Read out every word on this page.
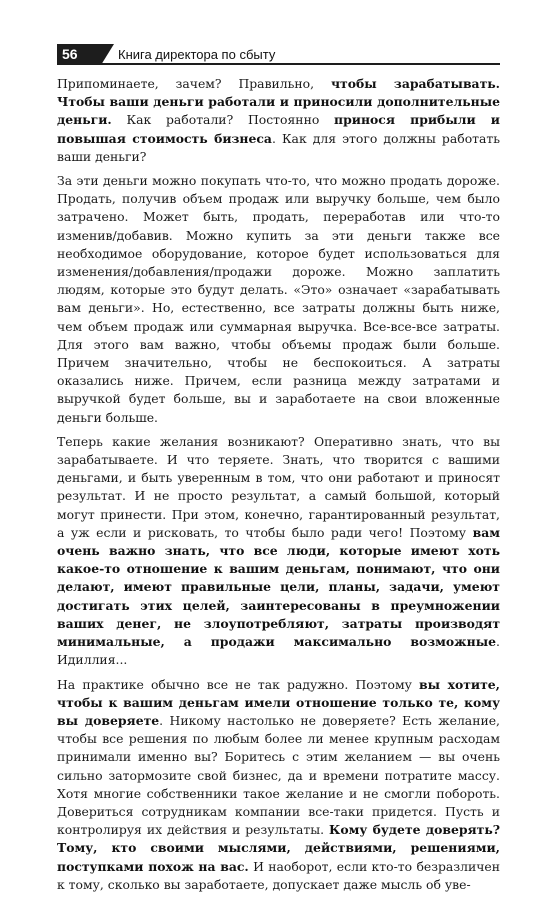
56	Книга директора по сбыту

Припоминаете, зачем? Правильно, чтобы зарабатывать. Чтобы ваши деньги работали и приносили дополнительные деньги. Как работали? Постоянно принося прибыли и повышая стоимость бизнеса. Как для этого должны работать ваши деньги?

За эти деньги можно покупать что-то, что можно продать дороже. Продать, получив объем продаж или выручку больше, чем было затрачено. Может быть, продать, переработав или что-то изменив/добавив. Можно купить за эти деньги также все необходимое оборудование, которое будет использоваться для изменения/добавления/продажи дороже. Можно заплатить людям, которые это будут делать. «Это» означает «зарабатывать вам деньги». Но, естественно, все затраты должны быть ниже, чем объем продаж или суммарная выручка. Все-все-все затраты. Для этого вам важно, чтобы объемы продаж были больше. Причем значительно, чтобы не беспокоиться. А затраты оказались ниже. Причем, если разница между затратами и выручкой будет больше, вы и заработаете на свои вложенные деньги больше.

Теперь какие желания возникают? Оперативно знать, что вы зарабатываете. И что теряете. Знать, что творится с вашими деньгами, и быть уверенным в том, что они работают и приносят результат. И не просто результат, а самый большой, который могут принести. При этом, конечно, гарантированный результат, а уж если и рисковать, то чтобы было ради чего! Поэтому вам очень важно знать, что все люди, которые имеют хоть какое-то отношение к вашим деньгам, понимают, что они делают, имеют правильные цели, планы, задачи, умеют достигать этих целей, заинтересованы в преумножении ваших денег, не злоупотребляют, затраты производят минимальные, а продажи максимально возможные. Идиллия...

На практике обычно все не так радужно. Поэтому вы хотите, чтобы к вашим деньгам имели отношение только те, кому вы доверяете. Никому настолько не доверяете? Есть желание, чтобы все решения по любым более ли менее крупным расходам принимали именно вы? Боритесь с этим желанием — вы очень сильно затормозите свой бизнес, да и времени потратите массу. Хотя многие собственники такое желание и не смогли побороть. Довериться сотрудникам компании все-таки придется. Пусть и контролируя их действия и результаты. Кому будете доверять? Тому, кто своими мыслями, действиями, решениями, поступками похож на вас. И наоборот, если кто-то безразличен к тому, сколько вы заработаете, допускает даже мысль об уве-
